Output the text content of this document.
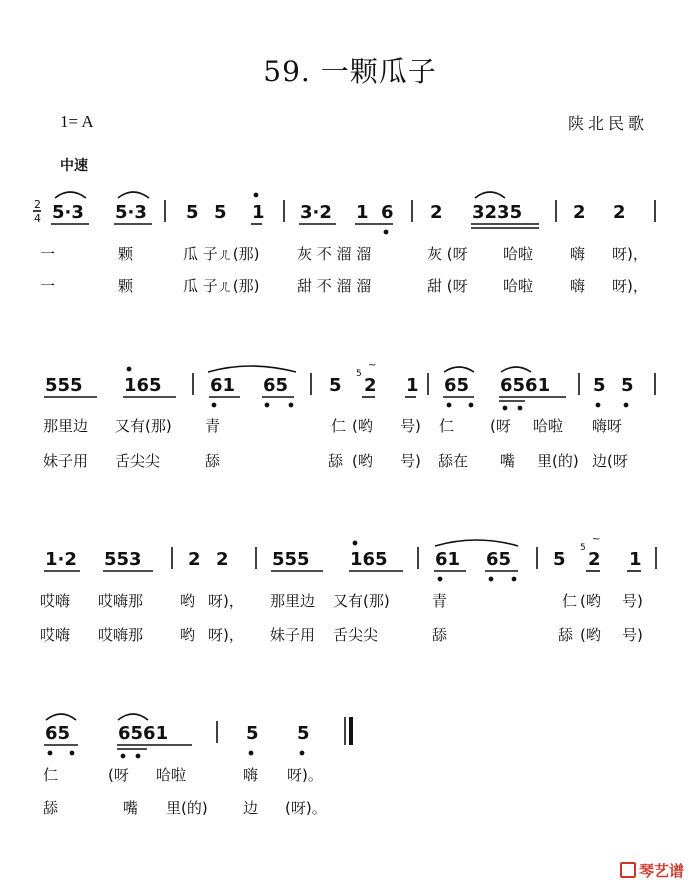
59. 一颗瓜子
1= A	陕北民歌
中速
一	颗	瓜 子ㄦ(那)	灰 不 溜 溜	灰 (呀 哈啦 嗨 呀)，
一	颗	瓜 子ㄦ(那)	甜 不 溜 溜	甜 (呀 哈啦 嗨 呀)，
那里边 又有(那) 青	仁 (哟 号) 仁 (呀 哈啦 嗨呀
妹子用 舌尖尖	舔	舔 (哟 号) 舔在 嘴 里(的) 边(呀
哎嗨 哎嗨那 哟 呀)， 那里边 又有(那)	青	仁 (哟 号)
哎嗨 哎嗨那 哟 呀)， 妹子用 舌尖尖	舔	舔 (哟 号)
仁	(呀 哈啦	嗨 呀)。
舔	嘴 里(的) 边 (呀)。
2
4 5·3 5·3 5 5 1 3·2 1 6 2 3235	2 2
555 165	61 65 5 2 1 65 6561 5 5
5
~
1·2 553	2 2 555 165	61 65 5 2 1
5
~
65	6561	5 5
琴艺谱
